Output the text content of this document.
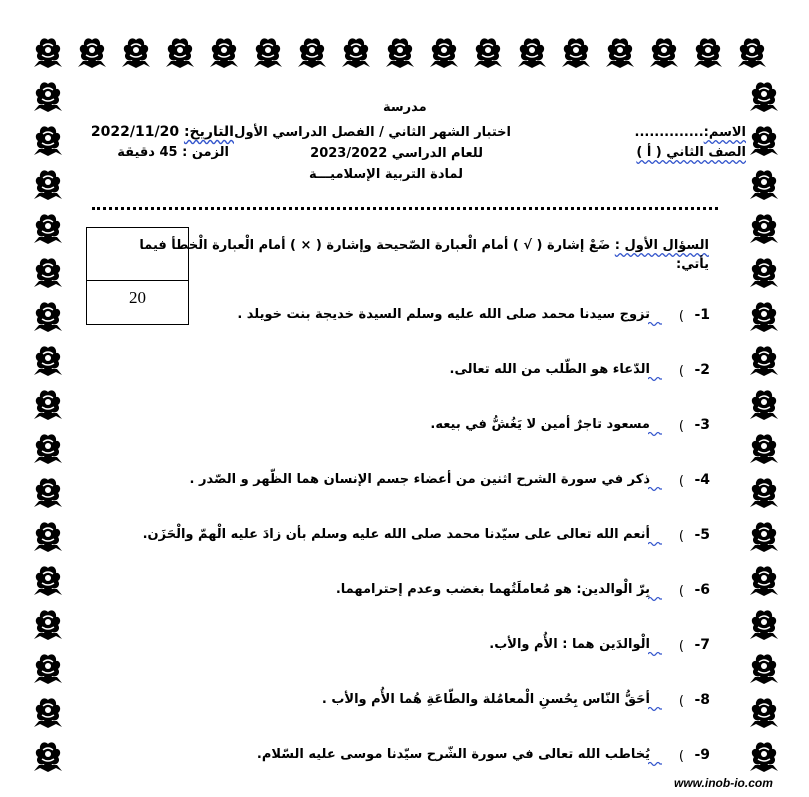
مدرسة
الاسم:..............
الصف الثاني ( أ )
اختبار الشهر الثاني / الفصل الدراسي الأول
للعام الدراسي 2023/2022
لمادة التربية الإسلاميـــة
التاريخ: 2022/11/20
الزمن : 45 دقيقة
20
السؤال الأول : ضَعْ إشارة ( √ ) أمام الْعبارة الصّحيحة وإشارة ( × ) أمام الْعبارة الْخطأ فيما
يأتي:
-1
)
تزوج سيدنا محمد صلى الله عليه وسلم السيدة خديجة بنت خويلد .
-2
)
الدّعاء هو الطّلب من الله تعالى.
-3
)
مسعود تاجرٌ أمين لا يَغُشُّ في بيعه.
-4
)
ذكر في سورة الشرح اثنين من أعضاء جسم الإنسان هما الظّهر و الصّدر .
-5
)
أنعم الله تعالى على سيّدنا محمد صلى الله عليه وسلم بأن زادَ عليه الْهمّ والْحَزَن.
-6
)
بِرّ الْوالدين: هو مُعاملَتُهما بغضب وعدم إحترامهما.
-7
)
الْوالدَين هما : الأُم والأب.
-8
)
أحَقُّ النّاس بِحُسنِ الْمعامُلة والطّاعَةِ هُما الأُم والأب .
-9
)
يُخاطب الله تعالى في سورة الشّرح سيّدنا موسى عليه السّلام.
www.inob-io.com
